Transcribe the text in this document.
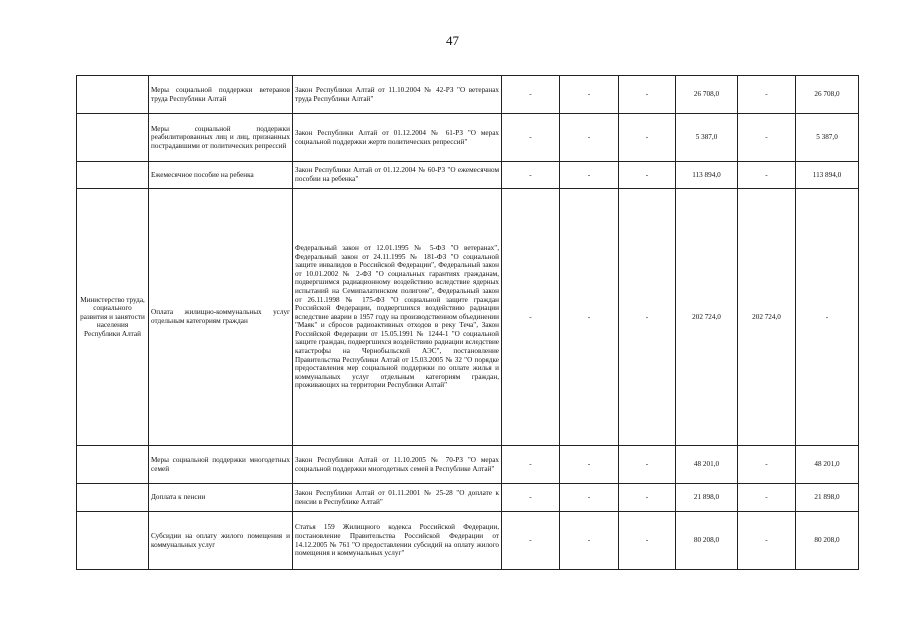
47
	Меры социальной поддержки ветеранов труда Республики Алтай	Закон Республики Алтай от 11.10.2004 № 42-РЗ "О ветеранах труда Республики Алтай"	-	-	-	26 708,0	-	26 708,0
	Меры социальной поддержки реабилитированных лиц и лиц, признанных пострадавшими от политических репрессий	Закон Республики Алтай от 01.12.2004 № 61-РЗ "О мерах социальной поддержки жертв политических репрессий"	-	-	-	5 387,0	-	5 387,0
	Ежемесячное пособие на ребенка	Закон Республики Алтай от 01.12.2004 № 60-РЗ "О ежемесячном пособии на ребенка"	-	-	-	113 894,0	-	113 894,0
Министерство труда, социального развития и занятости населения Республики Алтай	Оплата жилищно-коммунальных услуг отдельным категориям граждан	Федеральный закон от 12.01.1995 № 5-ФЗ "О ветеранах", Федеральный закон от 24.11.1995 № 181-ФЗ "О социальной защите инвалидов в Российской Федерации", Федеральный закон от 10.01.2002 № 2-ФЗ "О социальных гарантиях гражданам, подвергшимся радиационному воздействию вследствие ядерных испытаний на Семипалатинском полигоне", Федеральный закон от 26.11.1998 № 175-ФЗ "О социальной защите граждан Российской Федерации, подвергшихся воздействию радиации вследствие аварии в 1957 году на производственном объединении "Маяк" и сбросов радиоактивных отходов в реку Теча", Закон Российской Федерации от 15.05.1991 № 1244-1 "О социальной защите граждан, подвергшихся воздействию радиации вследствие катастрофы на Чернобыльской АЭС", постановление Правительства Республики Алтай от 15.03.2005 № 32 "О порядке предоставления мер социальной поддержки по оплате жилья и коммунальных услуг отдельным категориям граждан, проживающих на территории Республики Алтай"	-	-	-	202 724,0	202 724,0	-
	Меры социальной поддержки многодетных семей	Закон Республики Алтай от 11.10.2005 № 70-РЗ "О мерах социальной поддержки многодетных семей в Республике Алтай"	-	-	-	48 201,0	-	48 201,0
	Доплата к пенсии	Закон Республики Алтай от 01.11.2001 № 25-28 "О доплате к пенсии в Республике Алтай"	-	-	-	21 898,0	-	21 898,0
	Субсидии на оплату жилого помещения и коммунальных услуг	Статья 159 Жилищного кодекса Российской Федерации, постановление Правительства Российской Федерации от 14.12.2005 № 761 "О предоставлении субсидий на оплату жилого помещения и коммунальных услуг"	-	-	-	80 208,0	-	80 208,0
